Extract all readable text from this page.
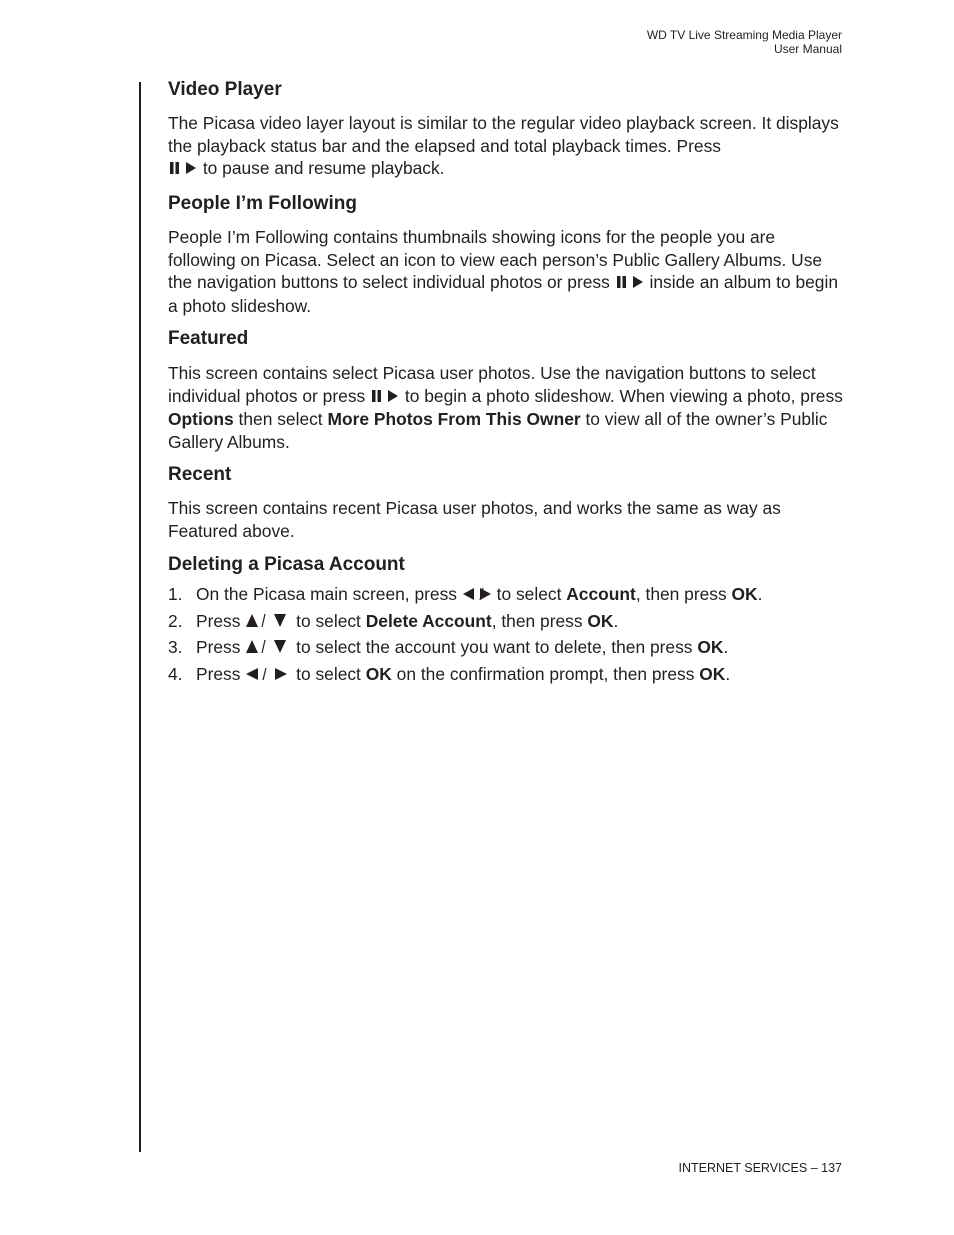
WD TV Live Streaming Media Player
User Manual
Video Player

The Picasa video layer layout is similar to the regular video playback screen. It displays the playback status bar and the elapsed and total playback times. Press
to pause and resume playback.

People I’m Following

People I’m Following contains thumbnails showing icons for the people you are following on Picasa. Select an icon to view each person’s Public Gallery Albums. Use the navigation buttons to select individual photos or press  inside an album to begin a photo slideshow.

Featured

This screen contains select Picasa user photos. Use the navigation buttons to select individual photos or press  to begin a photo slideshow. When viewing a photo, press Options then select More Photos From This Owner to view all of the owner’s Public Gallery Albums.

Recent

This screen contains recent Picasa user photos, and works the same as way as Featured above.

Deleting a Picasa Account
1. On the Picasa main screen, press  to select Account, then press OK.
2. Press	to select Delete Account, then press OK.
3. Press	to select the account you want to delete, then press OK.
4. Press	to select OK on the confirmation prompt, then press OK.
INTERNET SERVICES – 137
